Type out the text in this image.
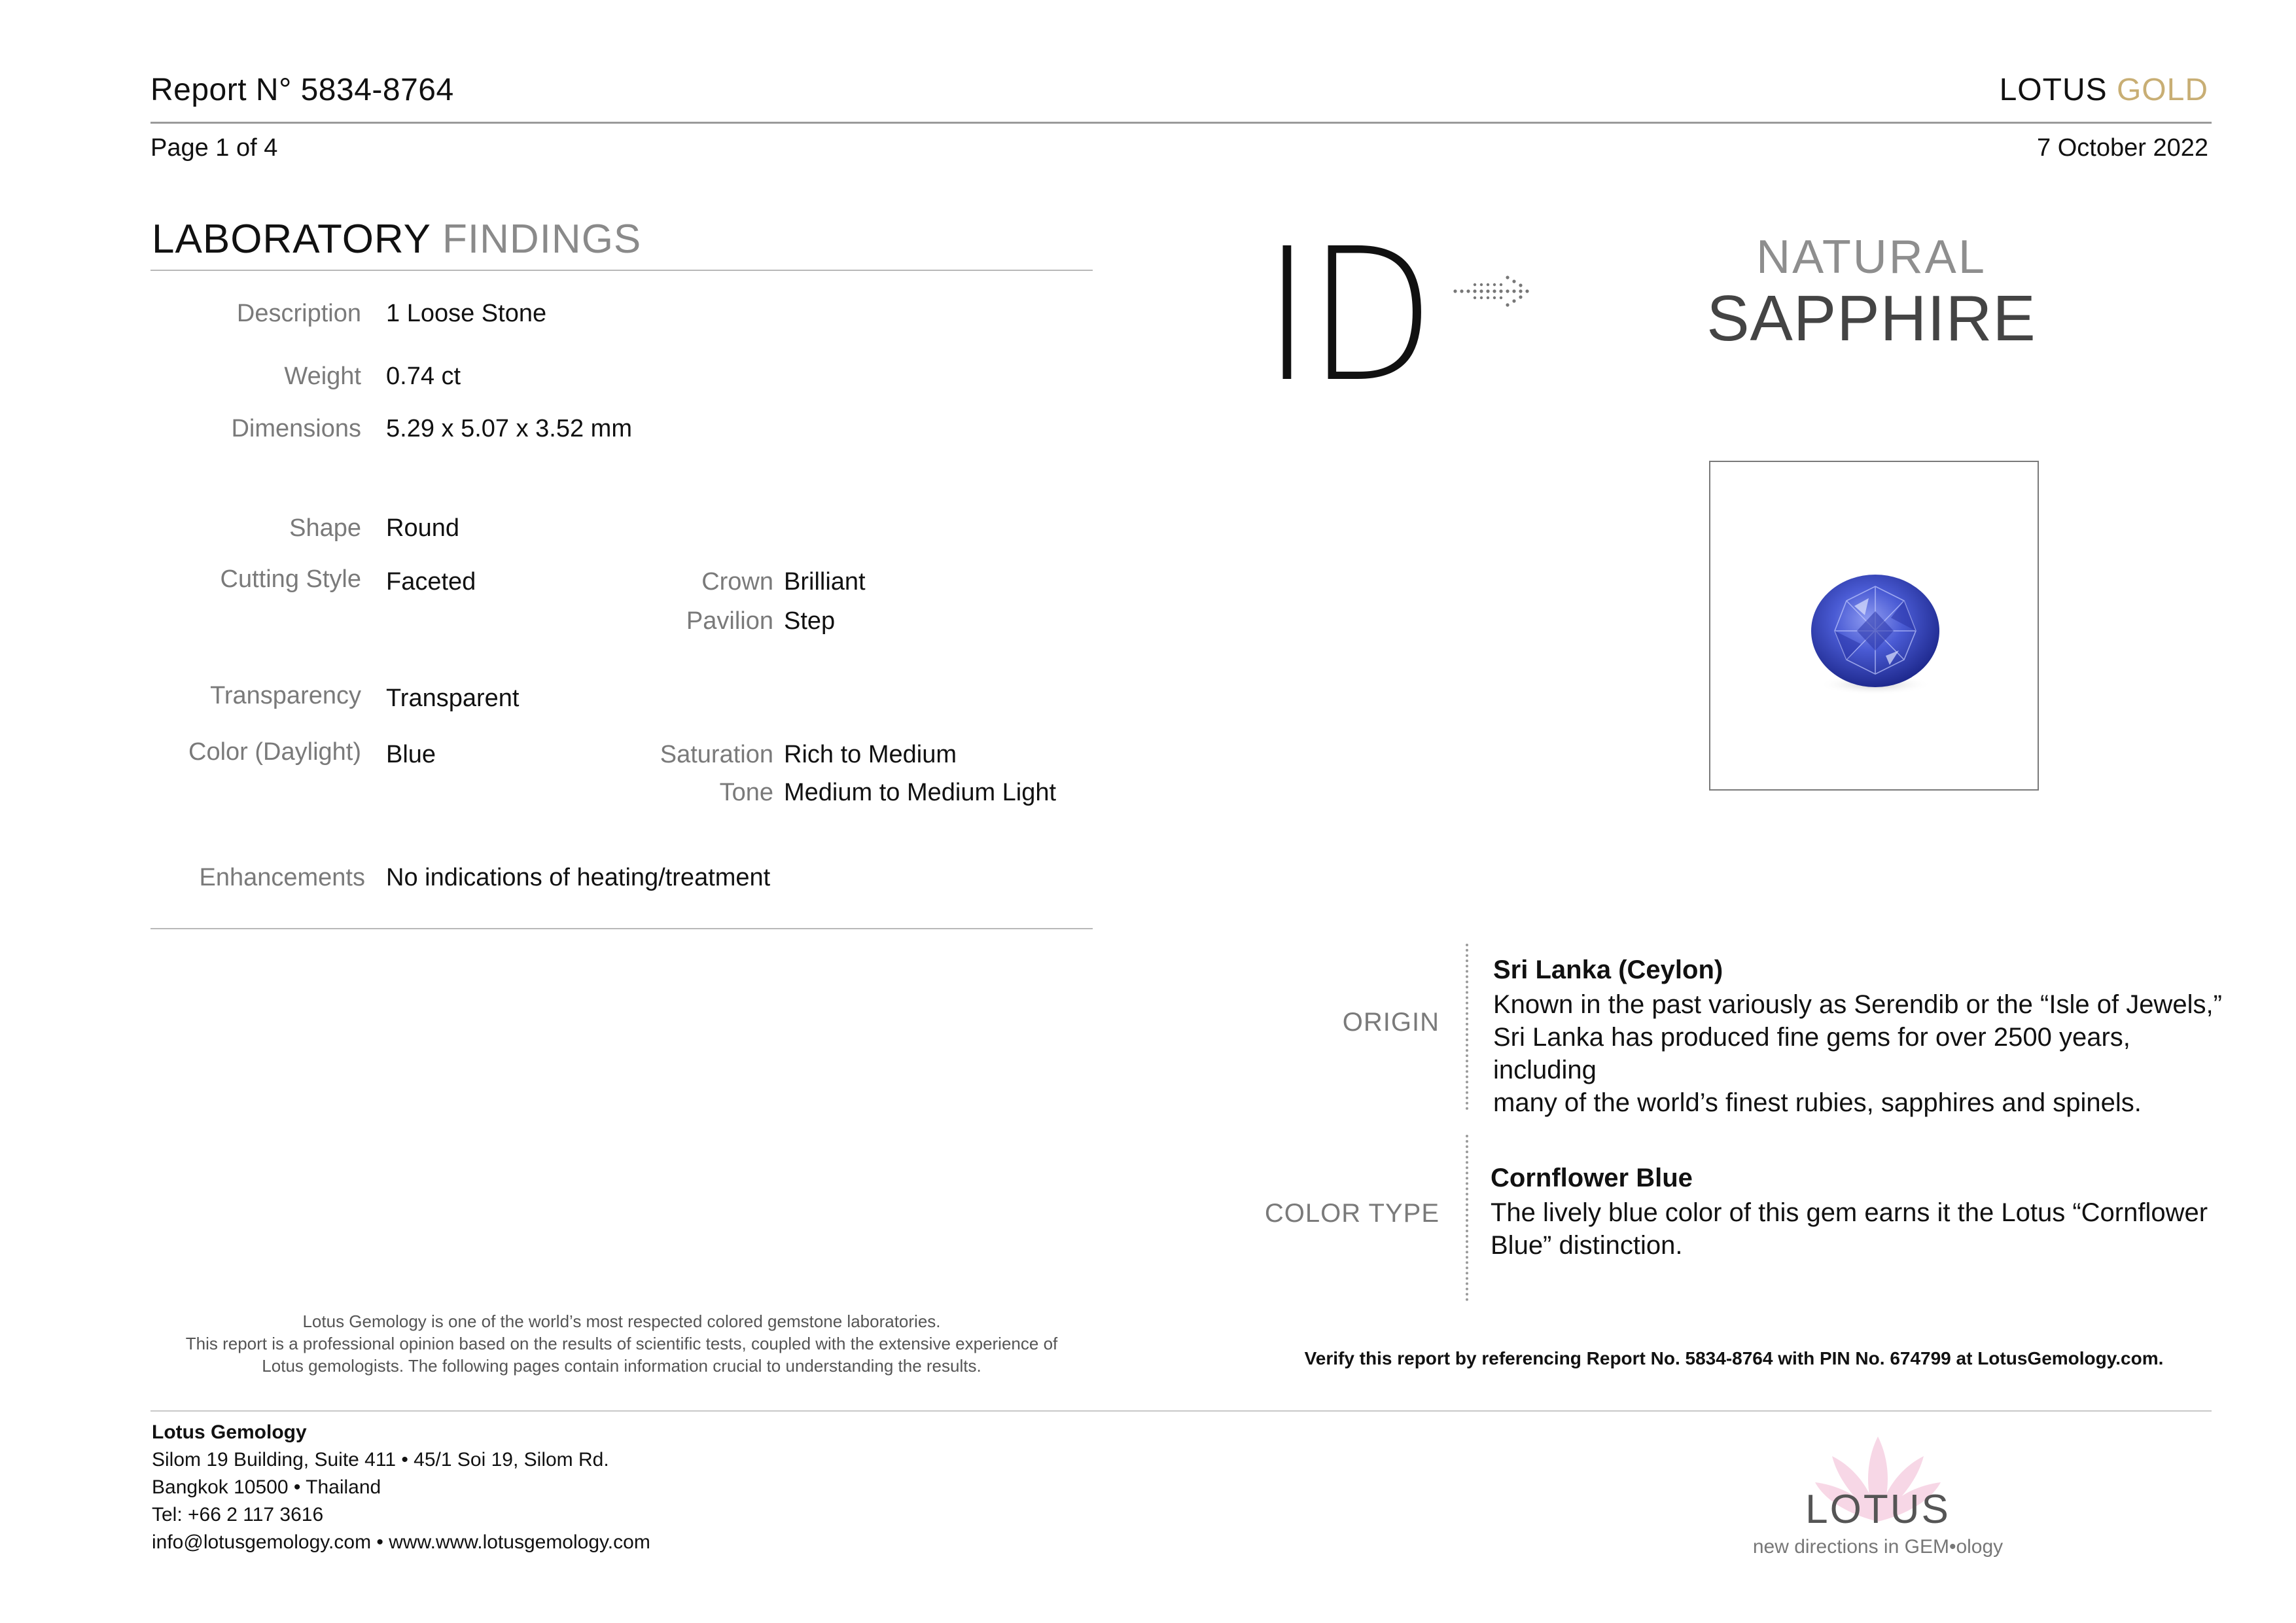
Report N° 5834-8764	LOTUS GOLD
Page 1 of 4	7 October 2022
LABORATORY FINDINGS
Description 1 Loose Stone
Weight 0.74 ct
Dimensions 5.29 x 5.07 x 3.52 mm
Shape Round
Cutting Style Faceted	Crown Brilliant
Pavilion Step
Transparency Transparent
Color (Daylight) Blue	Saturation Rich to Medium
Tone Medium to Medium Light
Enhancements No indications of heating/treatment
ID	NATURAL
SAPPHIRE
ORIGIN
Sri Lanka (Ceylon)
Known in the past variously as Serendib or the “Isle of Jewels,”
Sri Lanka has produced fine gems for over 2500 years, including
many of the world’s finest rubies, sapphires and spinels.
COLOR TYPE
Cornflower Blue
The lively blue color of this gem earns it the Lotus “Cornflower
Blue” distinction.
Lotus Gemology is one of the world’s most respected colored gemstone laboratories.
This report is a professional opinion based on the results of scientific tests, coupled with the extensive experience of
Lotus gemologists. The following pages contain information crucial to understanding the results.	Verify this report by referencing Report No. 5834-8764 with PIN No. 674799 at LotusGemology.com.
Lotus Gemology
Silom 19 Building, Suite 411 • 45/1 Soi 19, Silom Rd.
Bangkok 10500 • Thailand
Tel: +66 2 117 3616
info@lotusgemology.com • www.www.lotusgemology.com
LOTUS
new directions in GEM•ology
